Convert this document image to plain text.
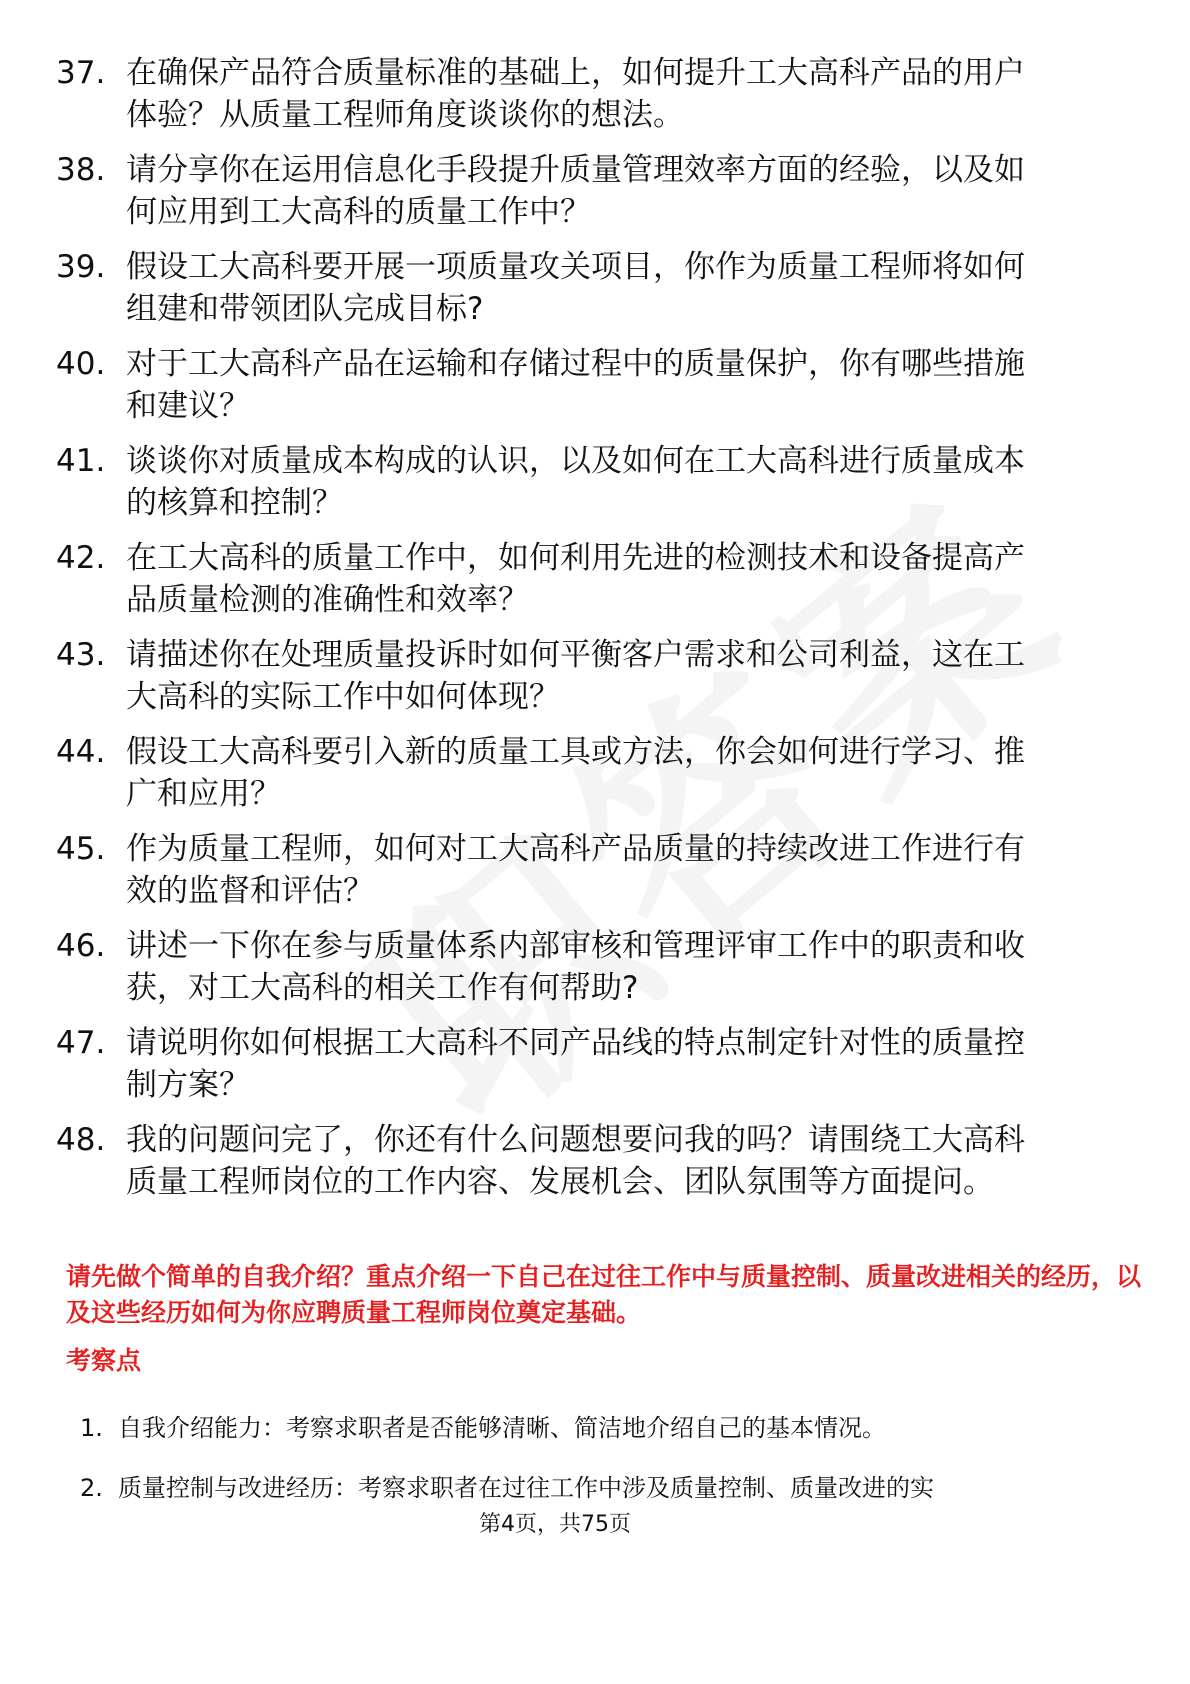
37. 在确保产品符合质量标准的基础上，如何提升工大高科产品的用户体验？从质量工程师角度谈谈你的想法。
38. 请分享你在运用信息化手段提升质量管理效率方面的经验，以及如何应用到工大高科的质量工作中？
39. 假设工大高科要开展一项质量攻关项目，你作为质量工程师将如何组建和带领团队完成目标?
40. 对于工大高科产品在运输和存储过程中的质量保护，你有哪些措施和建议？
41. 谈谈你对质量成本构成的认识，以及如何在工大高科进行质量成本的核算和控制？
42. 在工大高科的质量工作中，如何利用先进的检测技术和设备提高产品质量检测的准确性和效率？
43. 请描述你在处理质量投诉时如何平衡客户需求和公司利益，这在工大高科的实际工作中如何体现？
44. 假设工大高科要引入新的质量工具或方法，你会如何进行学习、推广和应用？
45. 作为质量工程师，如何对工大高科产品质量的持续改进工作进行有效的监督和评估？
46. 讲述一下你在参与质量体系内部审核和管理评审工作中的职责和收获，对工大高科的相关工作有何帮助?
47. 请说明你如何根据工大高科不同产品线的特点制定针对性的质量控制方案？
48. 我的问题问完了，你还有什么问题想要问我的吗？请围绕工大高科质量工程师岗位的工作内容、发展机会、团队氛围等方面提问。

请先做个简单的自我介绍？重点介绍一下自己在过往工作中与质量控制、质量改进相关的经历，以及这些经历如何为你应聘质量工程师岗位奠定基础。

考察点

1. 自我介绍能力：考察求职者是否能够清晰、简洁地介绍自己的基本情况。
2. 质量控制与改进经历：考察求职者在过往工作中涉及质量控制、质量改进的实
第4页，共75页
